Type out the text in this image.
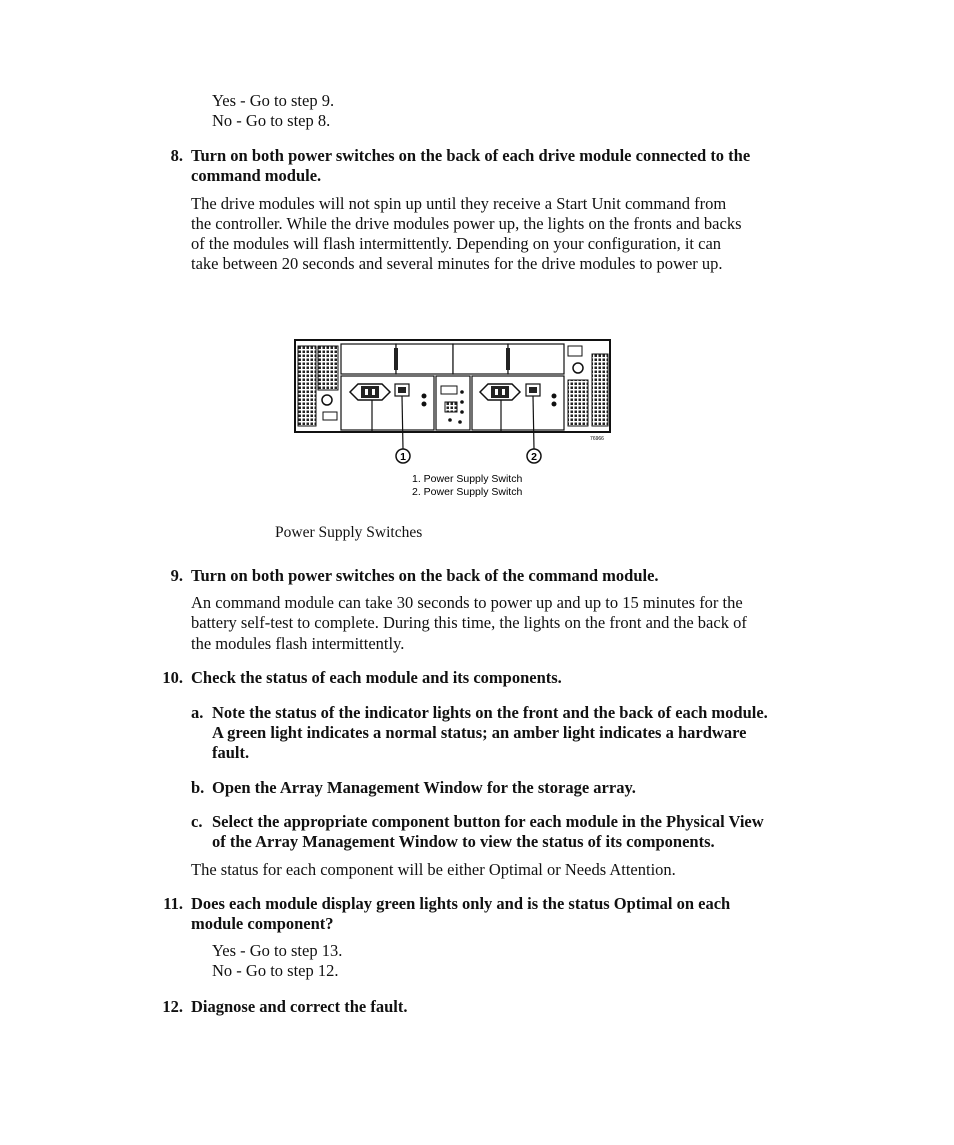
Yes - Go to step 9.
No - Go to step 8.
8. Turn on both power switches on the back of each drive module connected to the
command module.
The drive modules will not spin up until they receive a Start Unit command from
the controller. While the drive modules power up, the lights on the fronts and backs
of the modules will flash intermittently. Depending on your configuration, it can
take between 20 seconds and several minutes for the drive modules to power up.
1	2
76966
1. Power Supply Switch
2. Power Supply Switch
Power Supply Switches
9. Turn on both power switches on the back of the command module.
An command module can take 30 seconds to power up and up to 15 minutes for the
battery self-test to complete. During this time, the lights on the front and the back of
the modules flash intermittently.
10. Check the status of each module and its components.
a. Note the status of the indicator lights on the front and the back of each module.
A green light indicates a normal status; an amber light indicates a hardware
fault.
b. Open the Array Management Window for the storage array.
c. Select the appropriate component button for each module in the Physical View
of the Array Management Window to view the status of its components.
The status for each component will be either Optimal or Needs Attention.
11. Does each module display green lights only and is the status Optimal on each
module component?
Yes - Go to step 13.
No - Go to step 12.
12. Diagnose and correct the fault.
